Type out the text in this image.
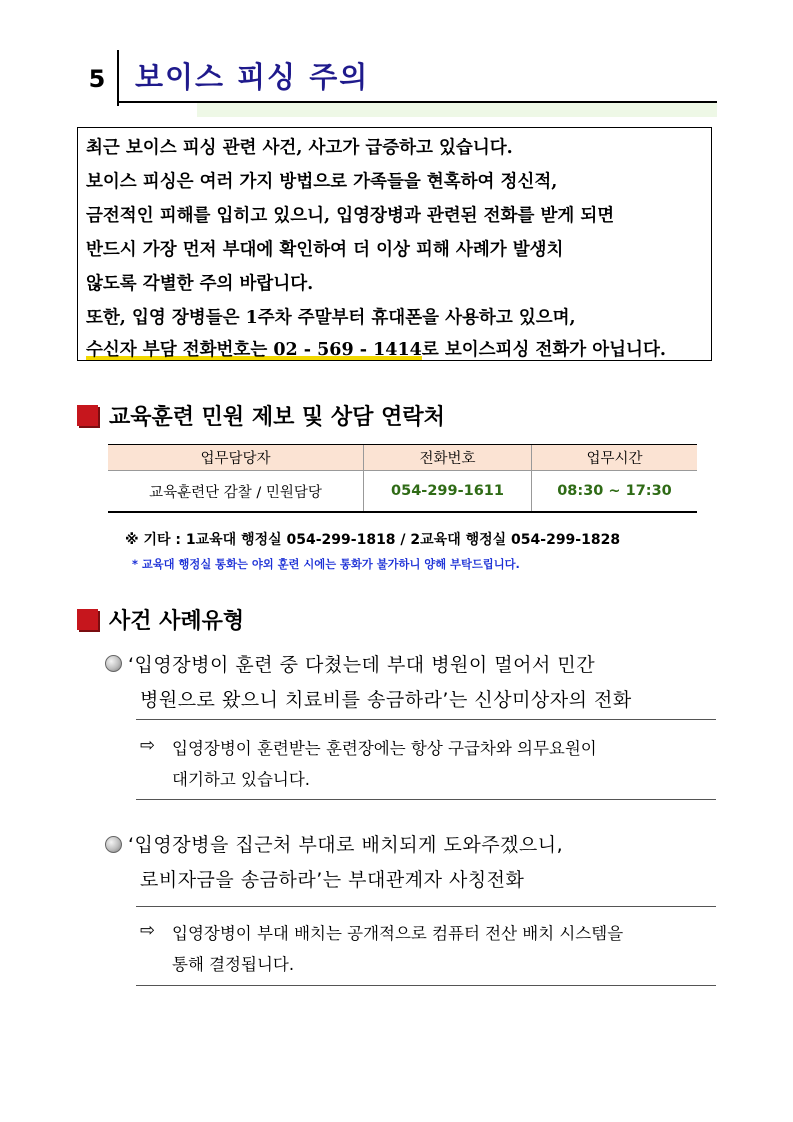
5	보이스 피싱 주의

최근 보이스 피싱 관련 사건, 사고가 급증하고 있습니다.

보이스 피싱은 여러 가지 방법으로 가족들을 현혹하여 정신적,

금전적인 피해를 입히고 있으니, 입영장병과 관련된 전화를 받게 되면

반드시 가장 먼저 부대에 확인하여 더 이상 피해 사례가 발생치

않도록 각별한 주의 바랍니다.

또한, 입영 장병들은 1주차 주말부터 휴대폰을 사용하고 있으며,

수신자 부담 전화번호는 02 - 569 - 1414로 보이스피싱 전화가 아닙니다.

교육훈련 민원 제보 및 상담 연락처
업무담당자	전화번호	업무시간
교육훈련단 감찰 / 민원담당	054-299-1611	08:30 ~ 17:30
※ 기타 : 1교육대 행정실 054-299-1818 / 2교육대 행정실 054-299-1828
* 교육대 행정실 통화는 야외 훈련 시에는 통화가 불가하니 양해 부탁드립니다.
사건 사례유형
‘입영장병이 훈련 중 다쳤는데 부대 병원이 멀어서 민간
병원으로 왔으니 치료비를 송금하라’는 신상미상자의 전화
⇨ 입영장병이 훈련받는 훈련장에는 항상 구급차와 의무요원이
대기하고 있습니다.
‘입영장병을 집근처 부대로 배치되게 도와주겠으니,
로비자금을 송금하라’는 부대관계자 사칭전화
⇨ 입영장병이 부대 배치는 공개적으로 컴퓨터 전산 배치 시스템을
통해 결정됩니다.
